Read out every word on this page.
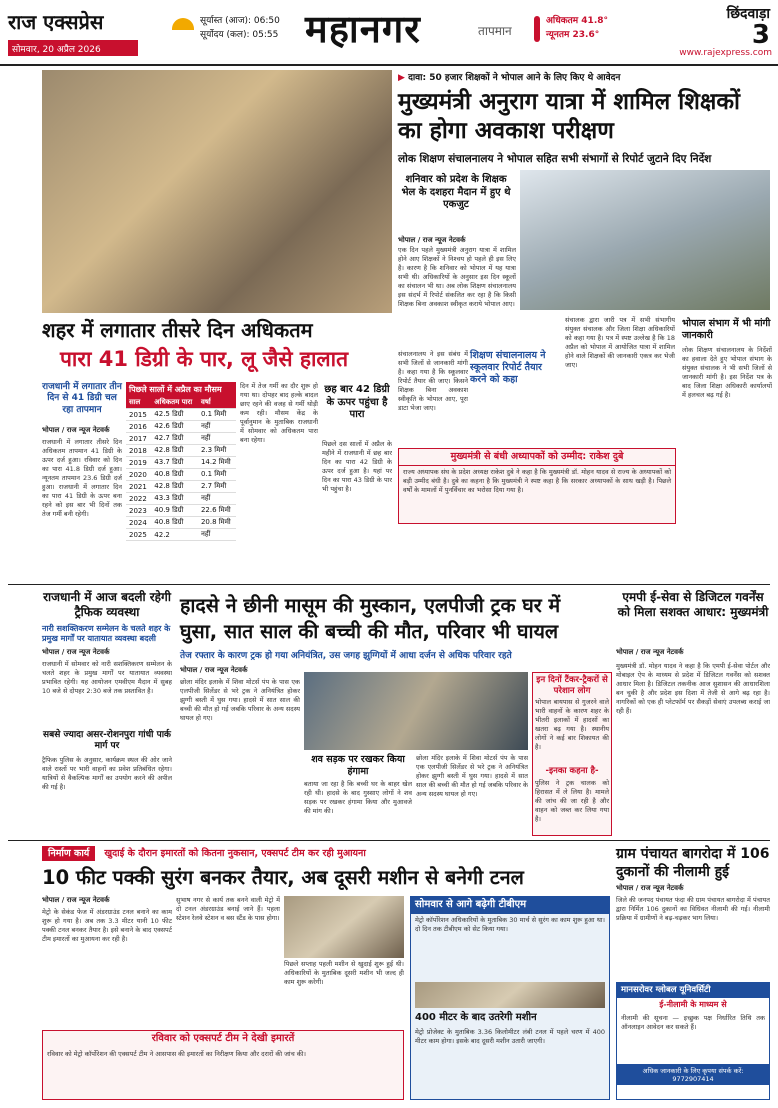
राज एक्सप्रेस
सोमवार, 20 अप्रैल 2026
सूर्यास्त (आज): 06:50
सूर्योदय (कल): 05:55 महानगर	तापमान
अधिकतम 41.8°
न्यूनतम 23.6°
छिंदवाड़ा
3
www.rajexpress.com
▶ दावा: 50 हजार शिक्षकों ने भोपाल आने के लिए किए थे आवेदन
मुख्यमंत्री अनुराग यात्रा में शामिल शिक्षकों का होगा अवकाश परीक्षण
लोक शिक्षण संचालनालय ने भोपाल सहित सभी संभागों से रिपोर्ट जुटाने दिए निर्देश
शनिवार को प्रदेश के शिक्षक भेल के दशहरा मैदान में हुए थे एकजुट
भोपाल / राज न्यूज नेटवर्क
एक दिन पहले मुख्यमंत्री अनुराग यात्रा में शामिल होने आए शिक्षकों ने निश्चय हो पहले ही इस लिए है। कारण है कि शनिवार को भोपाल में यह यात्रा सभी थी। अधिकारियों के अनुसार इस दिन स्कूलों का संचालन भी था। अब लोक शिक्षण संचालनालय इस संदर्भ में रिपोर्ट संकलित कर रहा है कि किसी शिक्षक बिना अवकाश स्वीकृत कराये भोपाल आए।
संचालनालय ने इस संबंध में सभी जिलों से जानकारी मांगी है। कहा गया है कि स्कूलवार रिपोर्ट तैयार की जाए। किसने शिक्षक बिना अवकाश स्वीकृति के भोपाल आए, पूरा डाटा भेजा जाए।
शिक्षण संचालनालय ने स्कूलवार रिपोर्ट तैयार करने को कहा
संचालक द्वारा जारी पत्र में सभी संभागीय संयुक्त संचालक और जिला शिक्षा अधिकारियों को कहा गया है। पत्र में स्पष्ट उल्लेख है कि 18 अप्रैल को भोपाल में आयोजित यात्रा में शामिल होने वाले शिक्षकों की जानकारी एकत्र कर भेजी जाए।
भोपाल संभाग में भी मांगी जानकारी
लोक शिक्षण संचालनालय के निर्देशों का हवाला देते हुए भोपाल संभाग के संयुक्त संचालक ने भी सभी जिलों से जानकारी मांगी है। इस निर्देश पत्र के बाद जिला शिक्षा अधिकारी कार्यालयों में हलचल बढ़ गई है।
मुख्यमंत्री से बंधी अध्यापकों को उम्मीद: राकेश दुबे
राज्य अध्यापक संघ के प्रदेश अध्यक्ष राकेश दुबे ने कहा है कि मुख्यमंत्री डॉ. मोहन यादव से राज्य के अध्यापकों को बड़ी उम्मीद बंधी है। दुबे का कहना है कि मुख्यमंत्री ने स्पष्ट कहा है कि सरकार अध्यापकों के साथ खड़ी है। पिछले वर्षों के मामलों में पुनर्विचार का भरोसा दिया गया है।
शहर में लगातार तीसरे दिन अधिकतम
पारा 41 डिग्री के पार, लू जैसे हालात
राजधानी में लगातार तीन दिन से 41 डिग्री चल रहा तापमान
भोपाल / राज न्यूज नेटवर्क
राजधानी में लगातार तीसरे दिन अधिकतम तापमान 41 डिग्री के ऊपर दर्ज हुआ। रविवार को दिन का पारा 41.8 डिग्री दर्ज हुआ। न्यूनतम तापमान 23.6 डिग्री दर्ज हुआ। राजधानी में लगातार दिन का पारा 41 डिग्री के ऊपर बना रहने को इस बार भी दिनों तक तेज गर्मी बनी रहेगी।
पिछले सालों में अप्रैल का मौसम
साल	अधिकतम पारा	वर्षा
2015	42.5 डिग्री	0.1 मिमी
2016	42.6 डिग्री	नहीं
2017	42.7 डिग्री	नहीं
2018	42.8 डिग्री	2.3 मिमी
2019	43.7 डिग्री	14.2 मिमी
2020	40.8 डिग्री	0.1 मिमी
2021	42.8 डिग्री	2.7 मिमी
2022	43.3 डिग्री	नहीं
2023	40.9 डिग्री	22.6 मिमी
2024	40.8 डिग्री	20.8 मिमी
2025	42.2	नहीं
दिन में तेज गर्मी का दौर शुरू हो गया था। दोपहर बाद हल्के बादल छाए रहने की वजह से गर्मी थोड़ी कम रही। मौसम केंद्र के पूर्वानुमान के मुताबिक राजधानी में सोमवार को अधिकतम पारा बना रहेगा।
छह बार 42 डिग्री के ऊपर पहुंचा है पारा
पिछले दस सालों में अप्रैल के महीने में राजधानी में छह बार दिन का पारा 42 डिग्री के ऊपर दर्ज हुआ है। यहां पर दिन का पारा 43 डिग्री के पार भी पहुंचा है।
राजधानी में आज बदली रहेगी ट्रैफिक व्यवस्था
नारी सशक्तिकरण सम्मेलन के चलते शहर के प्रमुख मार्गों पर यातायात व्यवस्था बदली
भोपाल / राज न्यूज नेटवर्क
राजधानी में सोमवार को नारी सशक्तिकरण सम्मेलन के चलते शहर के प्रमुख मार्गों पर यातायात व्यवस्था प्रभावित रहेगी। यह आयोजन एमवीएम मैदान में सुबह 10 बजे से दोपहर 2:30 बजे तक प्रस्तावित है।
सबसे ज्यादा असर-रोशनपुरा गांधी पार्क मार्ग पर
ट्रैफिक पुलिस के अनुसार, कार्यक्रम स्थल की ओर जाने वाले रास्तों पर भारी वाहनों का प्रवेश प्रतिबंधित रहेगा। यात्रियों से वैकल्पिक मार्गों का उपयोग करने की अपील की गई है।
हादसे ने छीनी मासूम की मुस्कान, एलपीजी ट्रक घर में
घुसा, सात साल की बच्ची की मौत, परिवार भी घायल
तेज रफ्तार के कारण ट्रक हो गया अनियंत्रित, उस जगह झुग्गियों में आधा दर्जन से अधिक परिवार रहते
भोपाल / राज न्यूज नेटवर्क
छोला मंदिर इलाके में शिवा मोटर्स पंप के पास एक एलपीजी सिलेंडर से भरे ट्रक ने अनियंत्रित होकर झुग्गी बस्ती में घुस गया। हादसे में सात साल की बच्ची की मौत हो गई जबकि परिवार के अन्य सदस्य घायल हो गए।
शव सड़क पर रखकर किया हंगामा
बताया जा रहा है कि बच्ची घर के बाहर खेल रही थी। हादसे के बाद गुस्साए लोगों ने शव सड़क पर रखकर हंगामा किया और मुआवजे की मांग की।
छोला मंदिर इलाके में शिवा मोटर्स पंप के पास एक एलपीजी सिलेंडर से भरे ट्रक ने अनियंत्रित होकर झुग्गी बस्ती में घुस गया। हादसे में सात साल की बच्ची की मौत हो गई जबकि परिवार के अन्य सदस्य घायल हो गए।
इन दिनों टैंकर-ट्रैकरों से परेशान लोग
भोपाल बायपास से गुजरने वाले भारी वाहनों के कारण शहर के भीतरी इलाकों में हादसों का खतरा बढ़ गया है। स्थानीय लोगों ने कई बार शिकायत की है।
-इनका कहना है-
पुलिस ने ट्रक चालक को हिरासत में ले लिया है। मामले की जांच की जा रही है और वाहन को जब्त कर लिया गया है।
एमपी ई-सेवा से डिजिटल गवर्नेंस को मिला सशक्त आधार: मुख्यमंत्री
भोपाल / राज न्यूज नेटवर्क
मुख्यमंत्री डॉ. मोहन यादव ने कहा है कि एमपी ई-सेवा पोर्टल और मोबाइल ऐप के माध्यम से प्रदेश में डिजिटल गवर्नेंस को सशक्त आधार मिला है। डिजिटल तकनीक आज सुशासन की आधारशिला बन चुकी है और प्रदेश इस दिशा में तेजी से आगे बढ़ रहा है। नागरिकों को एक ही प्लेटफॉर्म पर सैकड़ों सेवाएं उपलब्ध कराई जा रही हैं।
निर्माण कार्य खुदाई के दौरान इमारतों को कितना नुकसान, एक्सपर्ट टीम कर रही मुआयना
10 फीट पक्की सुरंग बनकर तैयार, अब दूसरी मशीन से बनेगी टनल
भोपाल / राज न्यूज नेटवर्क
मेट्रो के सेकंड फेज में अंडरग्राउंड टनल बनाने का काम शुरू हो गया है। अब तक 3.3 मीटर यानी 10 फीट पक्की टनल बनकर तैयार है। इसे बनाने के बाद एक्सपर्ट टीम इमारतों का मुआयना कर रही है।
सुभाष नगर से कार्य तक बनने वाली मेट्रो में दो टनल अंडरग्राउंड बनाई जाने हैं। पहला स्टेशन रेलवे स्टेशन व बस स्टैंड के पास होगा।
पिछले सप्ताह पहली मशीन से खुदाई शुरू हुई थी। अधिकारियों के मुताबिक दूसरी मशीन भी जल्द ही काम शुरू करेगी।
रविवार को एक्सपर्ट टीम ने देखी इमारतें
रविवार को मेट्रो कॉर्पोरेशन की एक्सपर्ट टीम ने आसपास की इमारतों का निरीक्षण किया और दरारों की जांच की।
सोमवार से आगे बढ़ेगी टीबीएम
मेट्रो कॉर्पोरेशन अधिकारियों के मुताबिक 30 मार्च से सुरंग का काम शुरू हुआ था। दो दिन तक टीबीएम को सेट किया गया।
400 मीटर के बाद उतरेगी मशीन
मेट्रो प्रोजेक्ट के मुताबिक 3.36 किलोमीटर लंबी टनल में पहले चरण में 400 मीटर काम होगा। इसके बाद दूसरी मशीन उतारी जाएगी।
ग्राम पंचायत बागरोदा में 106 दुकानों की नीलामी हुई
भोपाल / राज न्यूज नेटवर्क
जिले की जनपद पंचायत फंदा की ग्राम पंचायत बागरोदा में पंचायत द्वारा निर्मित 106 दुकानों का विधिवत नीलामी की गई। नीलामी प्रक्रिया में ग्रामीणों ने बढ़-चढ़कर भाग लिया।
मानसरोवर ग्लोबल यूनिवर्सिटी
ई-नीलामी के माध्यम से
नीलामी की सूचना — इच्छुक पक्ष निर्धारित तिथि तक ऑनलाइन आवेदन कर सकते हैं।
अधिक जानकारी के लिए कृपया संपर्क करें: 9772907414
